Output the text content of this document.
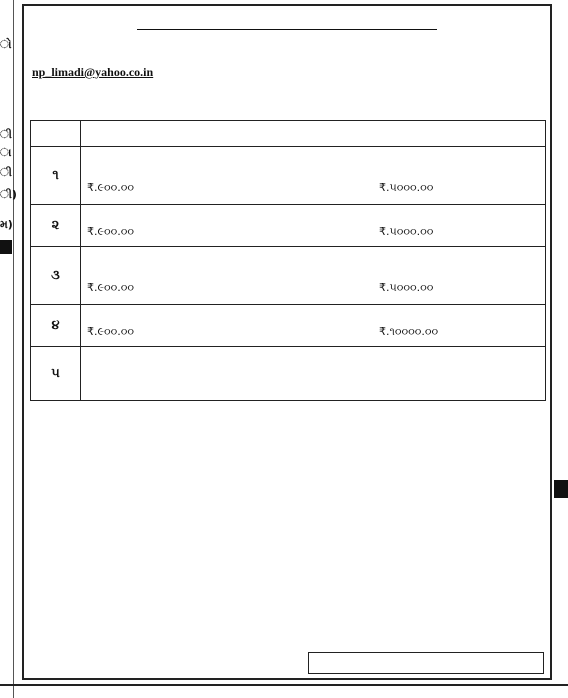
ો
ી
ા
ી
ી)
મ)
np_limadi@yahoo.co.in

૧	₹.૯૦૦.૦૦ ₹.૫૦૦૦.૦૦

૨	₹.૯૦૦.૦૦ ₹.૫૦૦૦.૦૦

૩	₹.૯૦૦.૦૦ ₹.૫૦૦૦.૦૦

૪	₹.૯૦૦.૦૦ ₹.૧૦૦૦૦.૦૦

૫	
